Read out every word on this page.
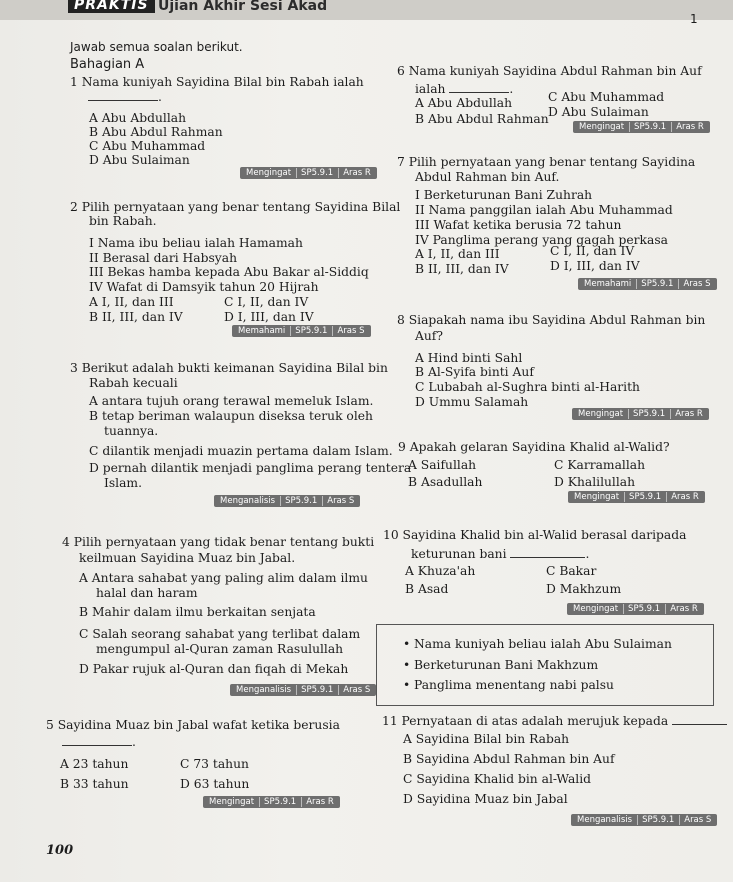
PRAKTIS Ujian Akhir Sesi Akad
1
Jawab semua soalan berikut.
Bahagian A
1 Nama kuniyah Sayidina Bilal bin Rabah ialah
.
A Abu Abdullah
B Abu Abdul Rahman
C Abu Muhammad
D Abu Sulaiman
Mengingat SP5.9.1 Aras R
2 Pilih pernyataan yang benar tentang Sayidina Bilal
bin Rabah.
I Nama ibu beliau ialah Hamamah
II Berasal dari Habsyah
III Bekas hamba kepada Abu Bakar al-Siddiq
IV Wafat di Damsyik tahun 20 Hijrah
A I, II, dan III	C I, II, dan IV
B II, III, dan IV	D I, III, dan IV
Memahami SP5.9.1 Aras S
3 Berikut adalah bukti keimanan Sayidina Bilal bin
Rabah kecuali
A antara tujuh orang terawal memeluk Islam.
B tetap beriman walaupun diseksa teruk oleh
tuannya.
C dilantik menjadi muazin pertama dalam Islam.
D pernah dilantik menjadi panglima perang tentera
Islam.
Menganalisis SP5.9.1 Aras S
4 Pilih pernyataan yang tidak benar tentang bukti
keilmuan Sayidina Muaz bin Jabal.
A Antara sahabat yang paling alim dalam ilmu
halal dan haram
B Mahir dalam ilmu berkaitan senjata
C Salah seorang sahabat yang terlibat dalam
mengumpul al-Quran zaman Rasulullah
D Pakar rujuk al-Quran dan fiqah di Mekah
Menganalisis SP5.9.1 Aras S
5 Sayidina Muaz bin Jabal wafat ketika berusia
.
A 23 tahun	C 73 tahun
B 33 tahun	D 63 tahun
Mengingat SP5.9.1 Aras R
100
6 Nama kuniyah Sayidina Abdul Rahman bin Auf
ialah	.
A Abu Abdullah	C Abu Muhammad
B Abu Abdul Rahman D Abu Sulaiman
Mengingat SP5.9.1 Aras R
7 Pilih pernyataan yang benar tentang Sayidina
Abdul Rahman bin Auf.
I Berketurunan Bani Zuhrah
II Nama panggilan ialah Abu Muhammad
III Wafat ketika berusia 72 tahun
IV Panglima perang yang gagah perkasa
A I, II, dan III	C I, II, dan IV
B II, III, dan IV	D I, III, dan IV
Memahami SP5.9.1 Aras S
8 Siapakah nama ibu Sayidina Abdul Rahman bin
Auf?
A Hind binti Sahl
B Al-Syifa binti Auf
C Lubabah al-Sughra binti al-Harith
D Ummu Salamah
Mengingat SP5.9.1 Aras R
9 Apakah gelaran Sayidina Khalid al-Walid?
A Saifullah	C Karramallah
B Asadullah	D Khalilullah
Mengingat SP5.9.1 Aras R
10 Sayidina Khalid bin al-Walid berasal daripada
keturunan bani	.
A Khuza'ah	C Bakar
B Asad	D Makhzum
Mengingat SP5.9.1 Aras R
• Nama kuniyah beliau ialah Abu Sulaiman
• Berketurunan Bani Makhzum
• Panglima menentang nabi palsu
11 Pernyataan di atas adalah merujuk kepada
A Sayidina Bilal bin Rabah
B Sayidina Abdul Rahman bin Auf
C Sayidina Khalid bin al-Walid
D Sayidina Muaz bin Jabal
Menganalisis SP5.9.1 Aras S
